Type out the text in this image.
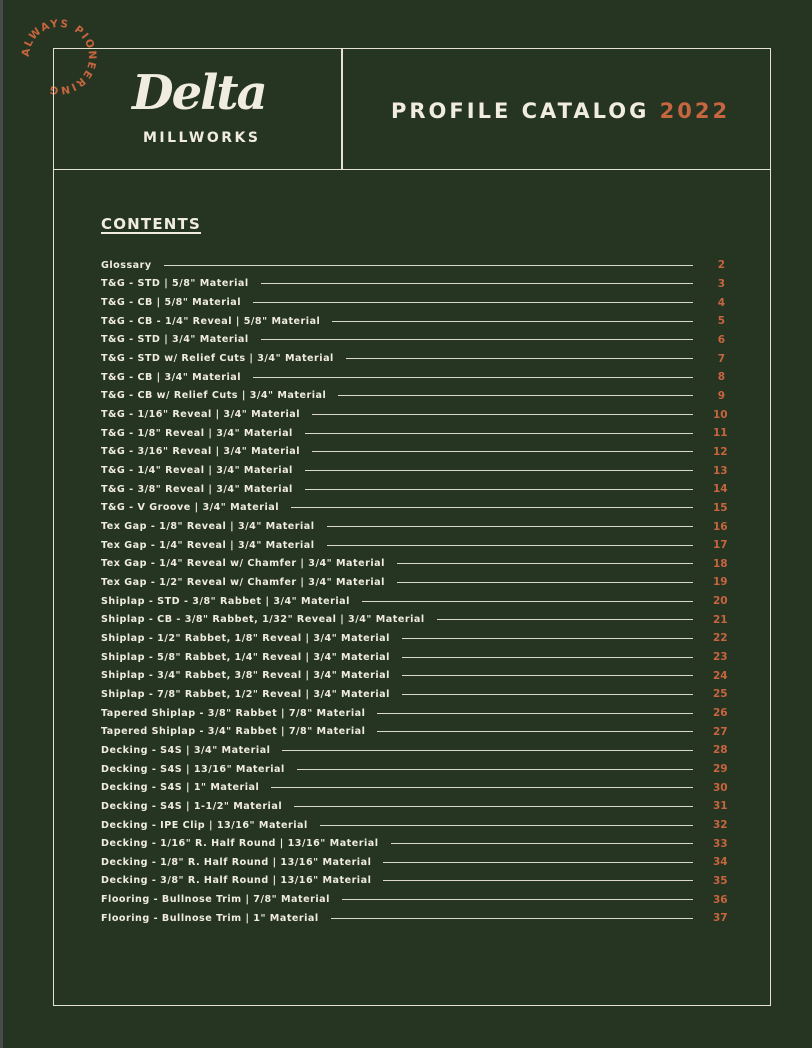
ALWAYS PIONEERING	Delta
MILLWORKS
PROFILE CATALOG 2022
CONTENTS
Glossary	2
T&G - STD | 5/8" Material	3
T&G - CB | 5/8" Material	4
T&G - CB - 1/4" Reveal | 5/8" Material	5
T&G - STD | 3/4" Material	6
T&G - STD w/ Relief Cuts | 3/4" Material	7
T&G - CB | 3/4" Material	8
T&G - CB w/ Relief Cuts | 3/4" Material	9
T&G - 1/16" Reveal | 3/4" Material	10
T&G - 1/8" Reveal | 3/4" Material	11
T&G - 3/16" Reveal | 3/4" Material	12
T&G - 1/4" Reveal | 3/4" Material	13
T&G - 3/8" Reveal | 3/4" Material	14
T&G - V Groove | 3/4" Material	15
Tex Gap - 1/8" Reveal | 3/4" Material	16
Tex Gap - 1/4" Reveal | 3/4" Material	17
Tex Gap - 1/4" Reveal w/ Chamfer | 3/4" Material	18
Tex Gap - 1/2" Reveal w/ Chamfer | 3/4" Material	19
Shiplap - STD - 3/8" Rabbet | 3/4" Material	20
Shiplap - CB - 3/8" Rabbet, 1/32" Reveal | 3/4" Material	21
Shiplap - 1/2" Rabbet, 1/8" Reveal | 3/4" Material	22
Shiplap - 5/8" Rabbet, 1/4" Reveal | 3/4" Material	23
Shiplap - 3/4" Rabbet, 3/8" Reveal | 3/4" Material	24
Shiplap - 7/8" Rabbet, 1/2" Reveal | 3/4" Material	25
Tapered Shiplap - 3/8" Rabbet | 7/8" Material	26
Tapered Shiplap - 3/4" Rabbet | 7/8" Material	27
Decking - S4S | 3/4" Material	28
Decking - S4S | 13/16" Material	29
Decking - S4S | 1" Material	30
Decking - S4S | 1-1/2" Material	31
Decking - IPE Clip | 13/16" Material	32
Decking - 1/16" R. Half Round | 13/16" Material	33
Decking - 1/8" R. Half Round | 13/16" Material	34
Decking - 3/8" R. Half Round | 13/16" Material	35
Flooring - Bullnose Trim | 7/8" Material	36
Flooring - Bullnose Trim | 1" Material	37
